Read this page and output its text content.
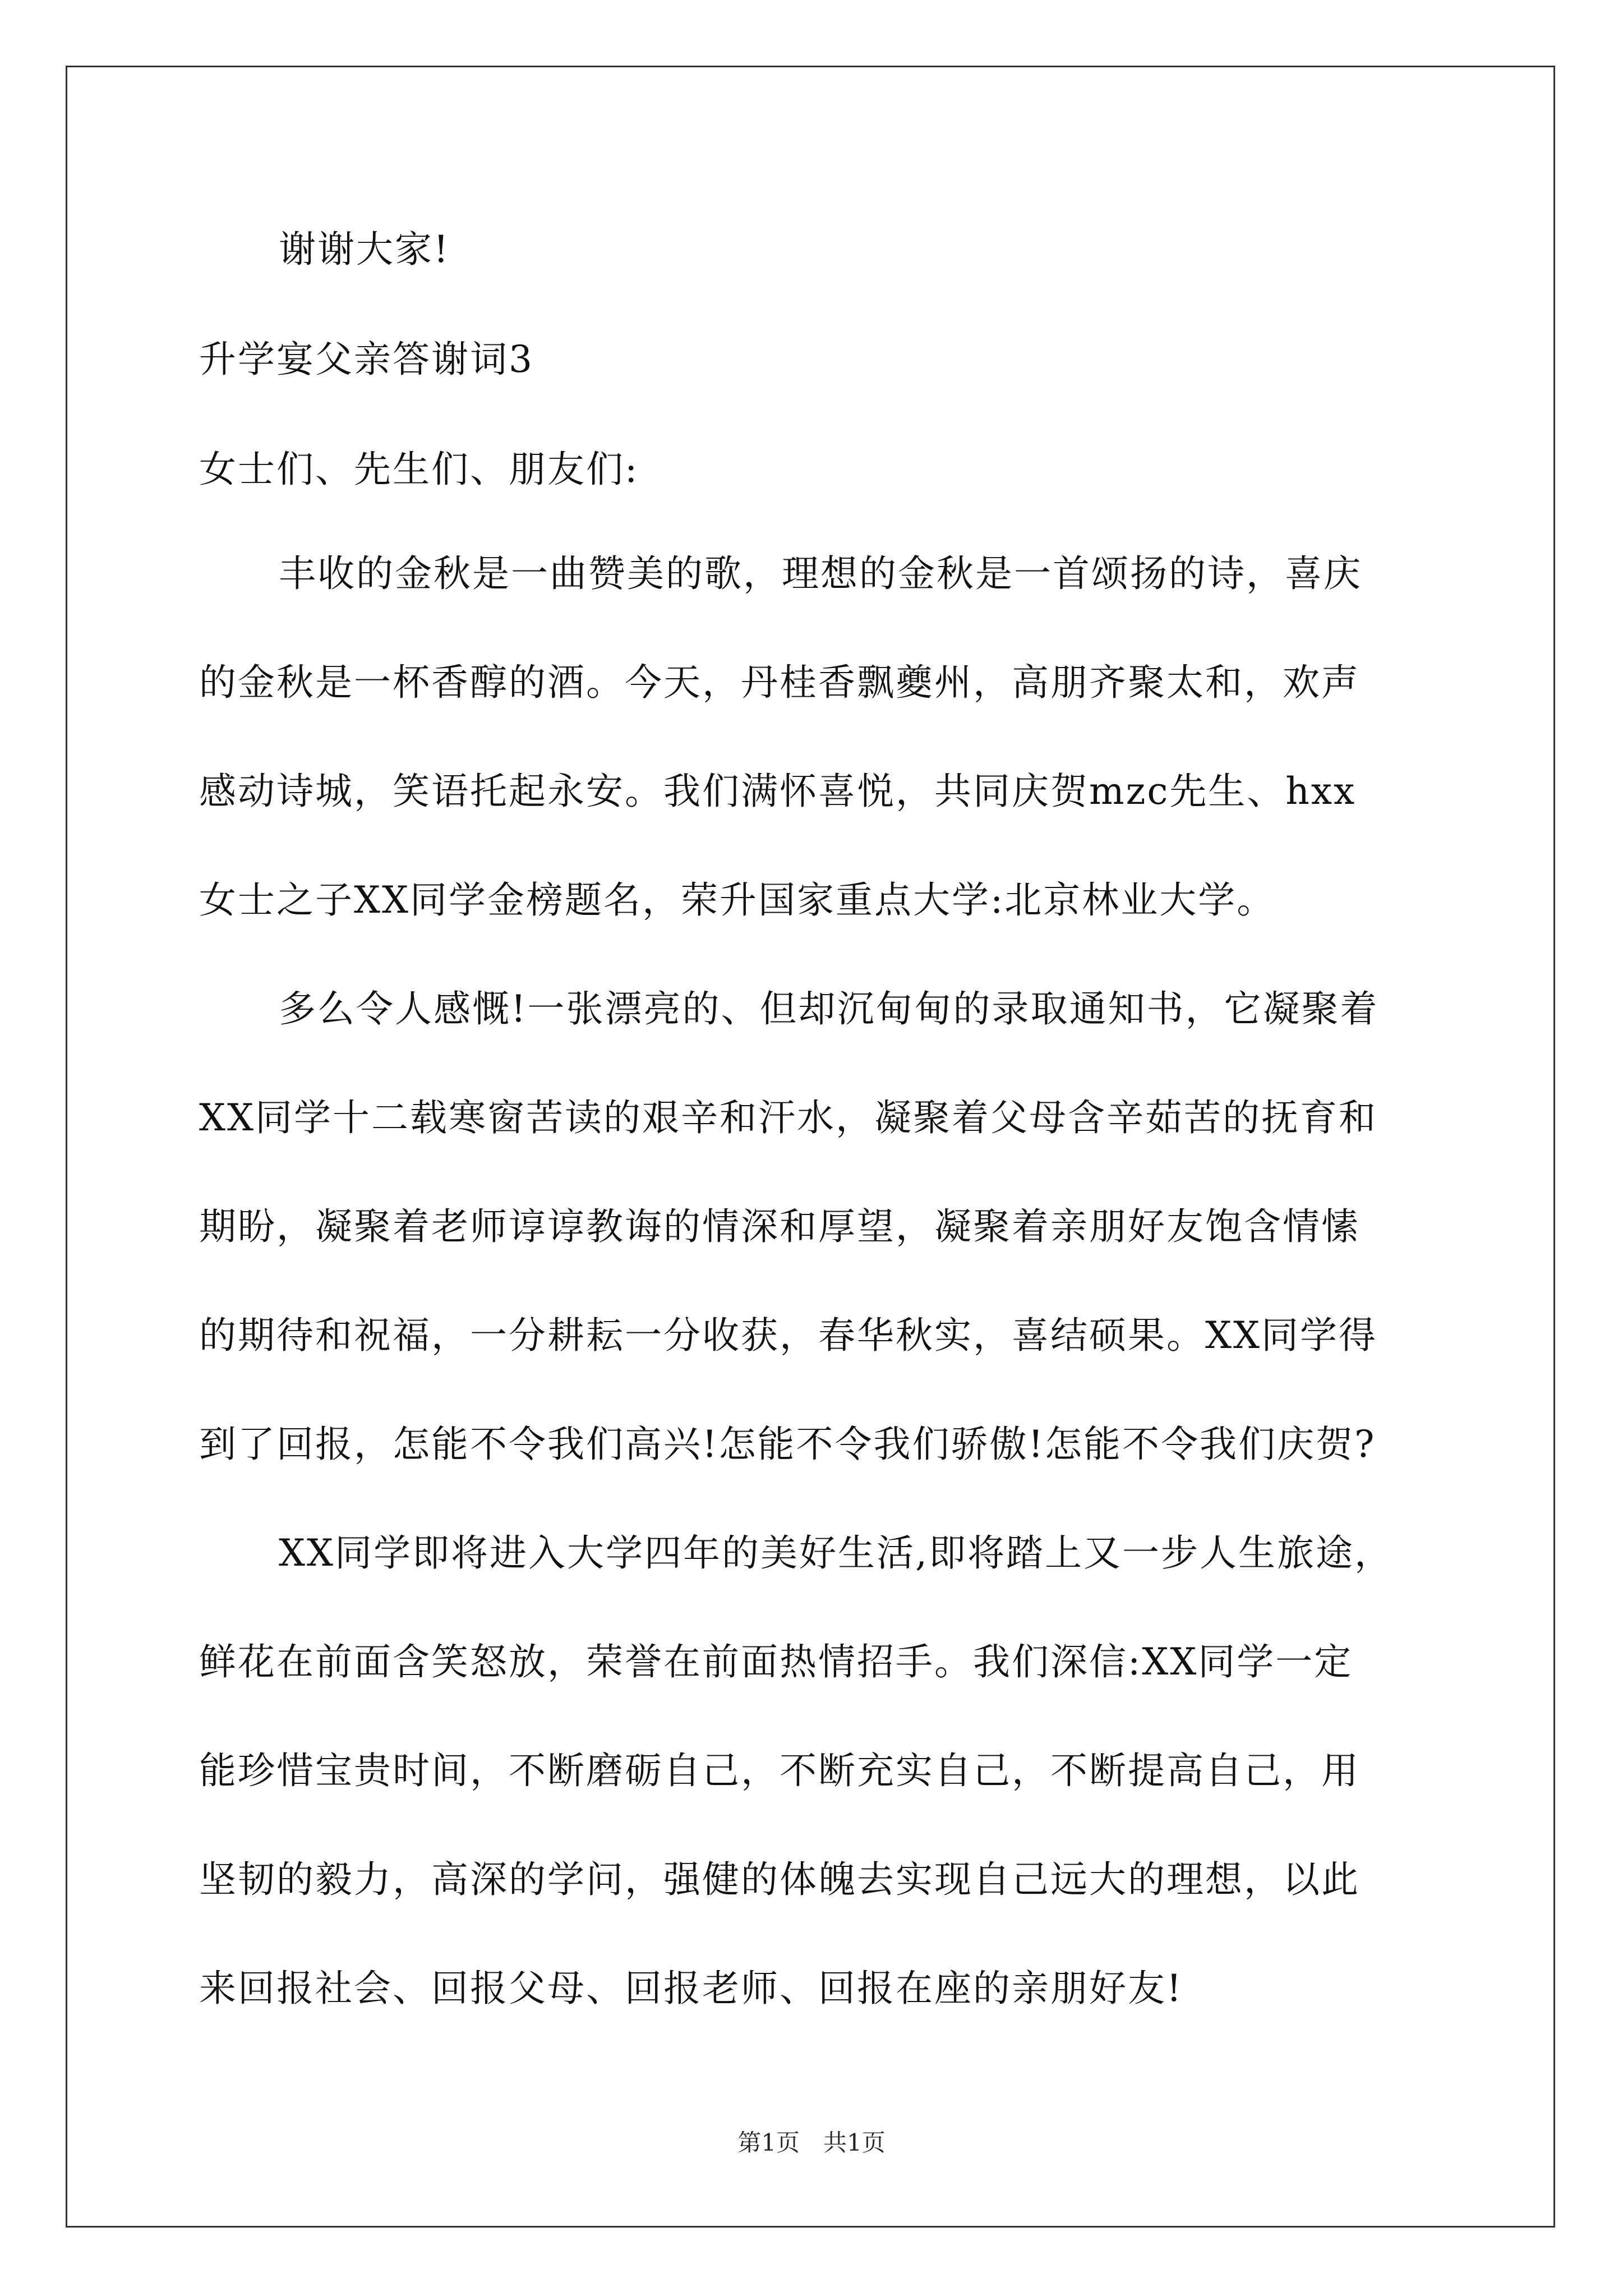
谢谢大家!
升学宴父亲答谢词3
女士们、先生们、朋友们:
丰收的金秋是一曲赞美的歌，理想的金秋是一首颂扬的诗，喜庆
的金秋是一杯香醇的酒。今天，丹桂香飘夔州，高朋齐聚太和，欢声
感动诗城，笑语托起永安。我们满怀喜悦，共同庆贺mzc先生、hxx
女士之子XX同学金榜题名，荣升国家重点大学:北京林业大学。
多么令人感慨!一张漂亮的、但却沉甸甸的录取通知书，它凝聚着
XX同学十二载寒窗苦读的艰辛和汗水，凝聚着父母含辛茹苦的抚育和
期盼，凝聚着老师谆谆教诲的情深和厚望，凝聚着亲朋好友饱含情愫
的期待和祝福，一分耕耘一分收获，春华秋实，喜结硕果。XX同学得
到了回报，怎能不令我们高兴!怎能不令我们骄傲!怎能不令我们庆贺?
XX同学即将进入大学四年的美好生活,即将踏上又一步人生旅途，
鲜花在前面含笑怒放，荣誉在前面热情招手。我们深信:XX同学一定
能珍惜宝贵时间，不断磨砺自己，不断充实自己，不断提高自己，用
坚韧的毅力，高深的学问，强健的体魄去实现自己远大的理想，以此
来回报社会、回报父母、回报老师、回报在座的亲朋好友!
第1页　共1页
